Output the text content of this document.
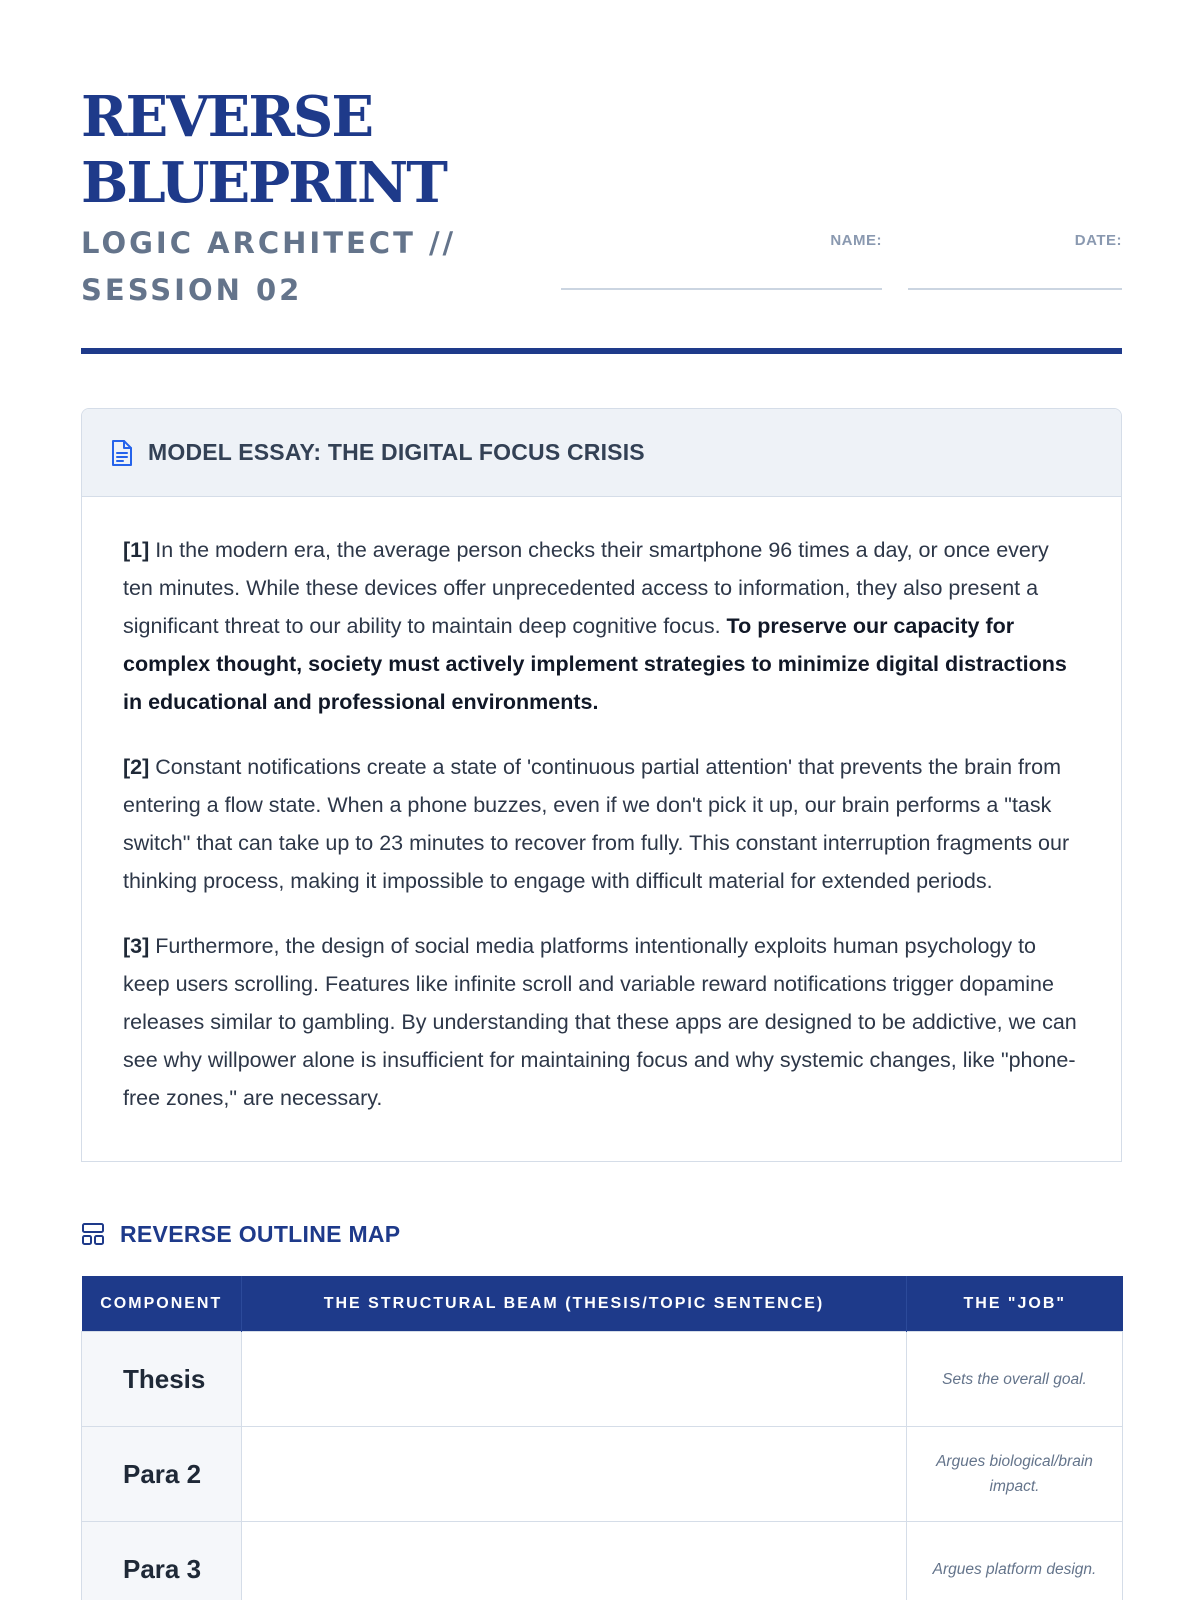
REVERSE
BLUEPRINT
LOGIC ARCHITECT // SESSION 02
NAME:	DATE:
MODEL ESSAY: THE DIGITAL FOCUS CRISIS

[1] In the modern era, the average person checks their smartphone 96 times a day, or once every ten minutes. While these devices offer unprecedented access to information, they also present a significant threat to our ability to maintain deep cognitive focus. To preserve our capacity for complex thought, society must actively implement strategies to minimize digital distractions in educational and professional environments.

[2] Constant notifications create a state of 'continuous partial attention' that prevents the brain from entering a flow state. When a phone buzzes, even if we don't pick it up, our brain performs a "task switch" that can take up to 23 minutes to recover from fully. This constant interruption fragments our thinking process, making it impossible to engage with difficult material for extended periods.

[3] Furthermore, the design of social media platforms intentionally exploits human psychology to keep users scrolling. Features like infinite scroll and variable reward notifications trigger dopamine releases similar to gambling. By understanding that these apps are designed to be addictive, we can see why willpower alone is insufficient for maintaining focus and why systemic changes, like "phone-free zones," are necessary.

REVERSE OUTLINE MAP
COMPONENT	THE STRUCTURAL BEAM (THESIS/TOPIC SENTENCE)	THE "JOB"
Thesis		Sets the overall goal.
Para 2		Argues biological/brain impact.
Para 3		Argues platform design.
